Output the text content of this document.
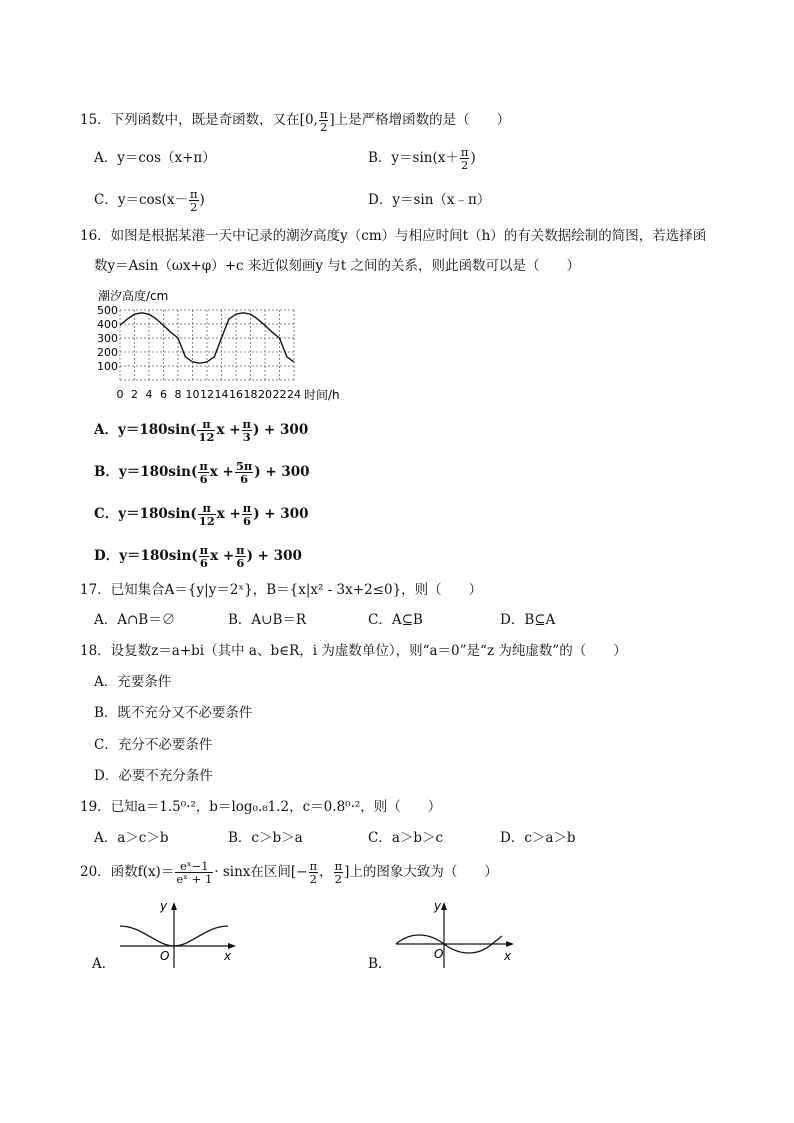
15．下列函数中，既是奇函数，又在[0, $\frac{\pi}{2}$ ]上是严格增函数的是（　　）
A．y＝cos（x+π）	B．$y=\sin(x+ \frac{\pi}{2}$ )
C．$y=\cos(x- \frac{\pi}{2}$ )	D．y＝sin（x﹣π）
16．如图是根据某港一天中记录的潮汐高度y（cm）与相应时间t（h）的有关数据绘制的简图，若选择函
数y＝Asin（ωx+φ）+c 来近似刻画y 与t 之间的关系，则此函数可以是（　　）
潮汐高度/cm
100
200
300
400
500
0 2 4 6 8 10 12 14 16 18 20 22 24 时间/h
A．$y=180\sin( \frac{\pi}{12}$ $x + \frac{\pi}{3}$ ) + 300
B．$y=180\sin( \frac{\pi}{6}$ $x + \frac{5\pi}{6}$ ) + 300
C．$y=180\sin( \frac{\pi}{12}$ $x + \frac{\pi}{6}$ ) + 300
D．$y=180\sin( \frac{\pi}{6}$ $x + \frac{\pi}{6}$ ) + 300
17．已知集合A＝{y|y＝2ˣ}，B＝{x|x² - 3x+2≤0}，则（　　）
A．A∩B＝∅	B．A∪B＝R	C．A⊆B	D．B⊆A
18．设复数z＝a+bi（其中 a、b∈R，i 为虚数单位），则“a＝0”是“z 为纯虚数”的（　　）
A．充要条件
B．既不充分又不必要条件
C．充分不必要条件
D．必要不充分条件
19．已知a＝1.5⁰·²，b＝log₀.₈1.2，c＝0.8⁰·²，则（　　）
A．a＞c＞b	B．c＞b＞a	C．a＞b＞c	D．c＞a＞b
20．函数$f(x)= \frac{\text{eˣ−1}}{\text{eˣ + 1}} \cdot \sin x$在区间[− $\frac{\pi}{2}$ ， $\frac{\pi}{2}$ ]上的图象大致为（　　）
A．
y
x
O	B．
y
x
O
